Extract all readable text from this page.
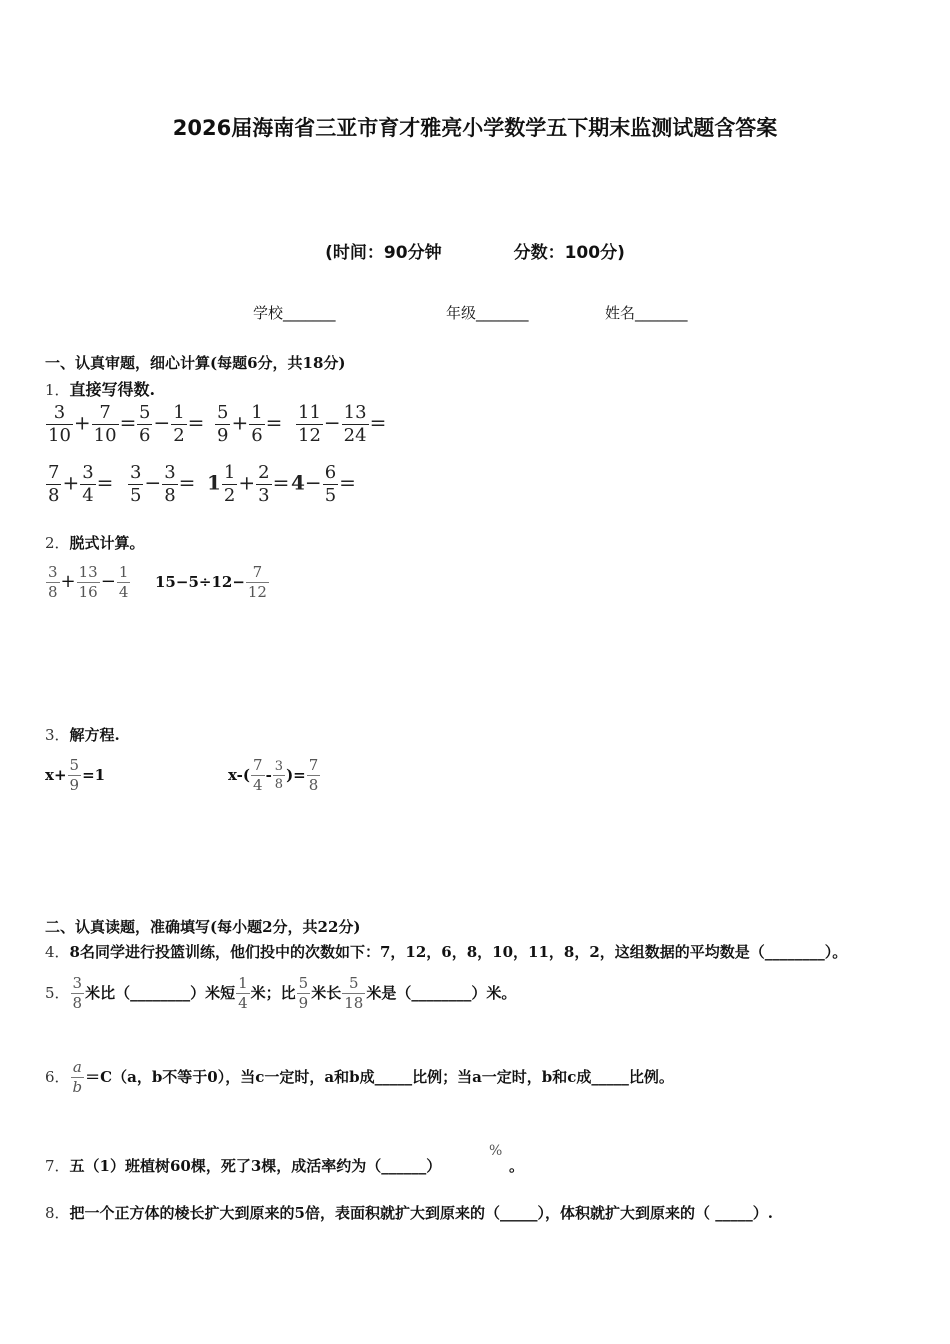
2026届海南省三亚市育才雅亮小学数学五下期末监测试题含答案
(时间：90分钟	分数：100分)
学校_______	年级_______	姓名_______
一、认真审题，细心计算(每题6分，共18分)
1．直接写得数.
$\frac{3}{10} + \frac{7}{10} = \frac{5}{6} - \frac{1}{2} = \frac{5}{9} + \frac{1}{6} = \frac{11}{12} - \frac{13}{24}$ =
$\frac{7}{8} + \frac{3}{4} = \frac{3}{5} - \frac{3}{8} = 1 \frac{1}{2} + \frac{2}{3} = 4- \frac{6}{5}$ =
2．脱式计算。
$\frac{3}{8} + \frac{13}{16} - \frac{1}{4} 15-5\div 12- \frac{7}{12}$
3．解方程.
$x+ \frac{5}{9} =1$	$x-( \frac{7}{4} - \frac{3}{8}$ )= $\frac{7}{8}$
二、认真读题，准确填写(每小题2分，共22分)
4．8名同学进行投篮训练，他们投中的次数如下：7，12，6，8，10，11，8，2，这组数据的平均数是（________）。
5． $\frac{3}{8}$ 米比（________）米短 $\frac{1}{4}$ 米；比 $\frac{5}{9}$ 米长 $\frac{5}{18}$ 米是（________）米。
6． $\frac{a}{b} =C(a$，b不等于0），当c一定时，a和b成_____比例；当a一定时，b和c成_____比例。
7．五（1）班植树60棵，死了3棵，成活率约为（______）
%
。
8．把一个正方体的棱长扩大到原来的5倍，表面积就扩大到原来的（_____），体积就扩大到原来的（ _____）.
